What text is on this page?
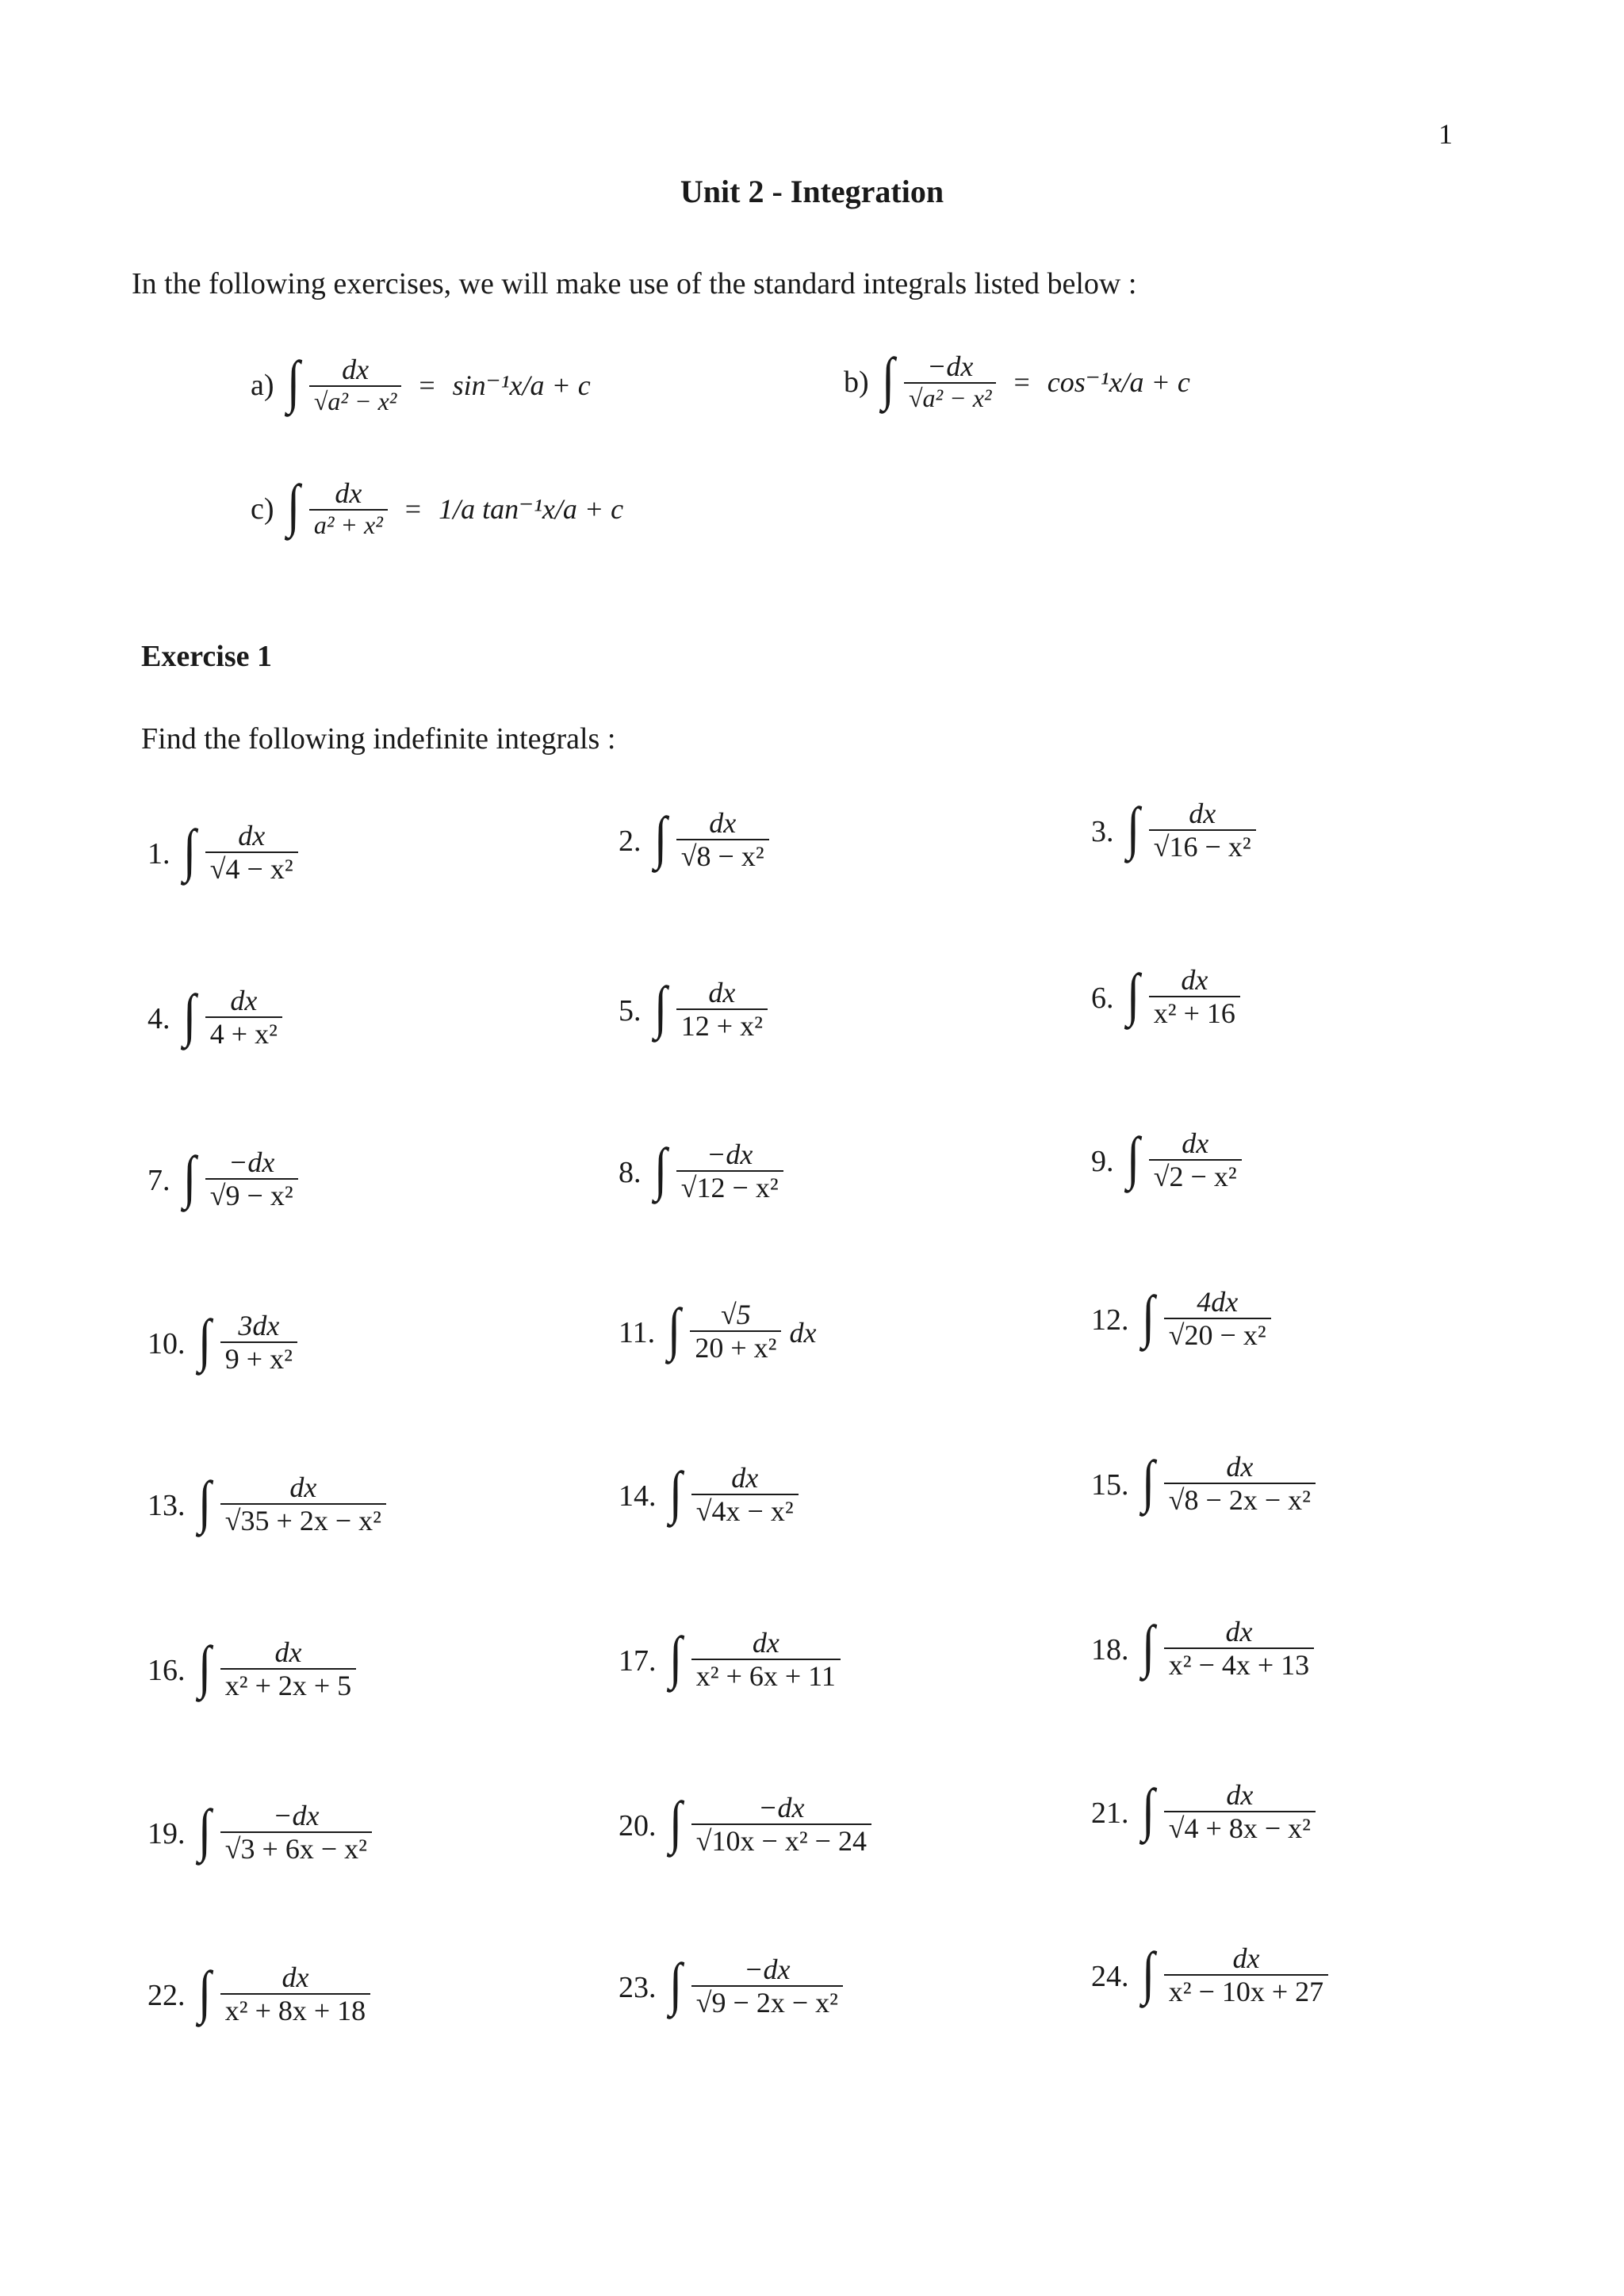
1
Unit 2 - Integration
In the following exercises, we will make use of the standard integrals listed below :
a) ∫ $\frac{dx}{\text{√a² − x²}} = \sin^{-1}x/a + c$	b) ∫ $\frac{-dx}{\text{√a² − x²}} = \cos^{-1}x/a + c$
c) ∫ $\frac{dx}{\text{a² + x²}} = 1/a$ tan⁻¹x/a + c
Exercise 1
Find the following indefinite integrals :
1. ∫ $\frac{dx}{\text{√4 − x²}}$	2. ∫ $\frac{dx}{\text{√8 − x²}}$	3. ∫ $\frac{dx}{\text{√16 − x²}}$
4. ∫ $\frac{dx}{\text{4 + x²}}$	5. ∫ $\frac{dx}{\text{12 + x²}}$	6. ∫ $\frac{dx}{\text{x² + 16}}$
7. ∫ $\frac{-dx}{\text{√9 − x²}}$	8. ∫ $\frac{-dx}{\text{√12 − x²}}$	9. ∫ $\frac{dx}{\text{√2 − x²}}$
10. ∫ $\frac{3dx}{\text{9 + x²}}$	11. ∫ $\frac{√5}{\text{20 + x²}}$ dx	12. ∫ $\frac{4dx}{\text{√20 − x²}}$
13. ∫ $\frac{dx}{\text{√35 + 2x − x²}}$	14. ∫ $\frac{dx}{\text{√4x − x²}}$	15. ∫ $\frac{dx}{\text{√8 − 2x − x²}}$
16. ∫ $\frac{dx}{\text{x² + 2x + 5}}$	17. ∫ $\frac{dx}{\text{x² + 6x + 11}}$	18. ∫ $\frac{dx}{\text{x² − 4x + 13}}$
19. ∫ $\frac{-dx}{\text{√3 + 6x − x²}}$	20. ∫ $\frac{-dx}{\text{√10x − x² − 24}}$	21. ∫ $\frac{dx}{\text{√4 + 8x − x²}}$
22. ∫ $\frac{dx}{\text{x² + 8x + 18}}$	23. ∫ $\frac{-dx}{\text{√9 − 2x − x²}}$	24. ∫ $\frac{dx}{\text{x² − 10x + 27}}$
